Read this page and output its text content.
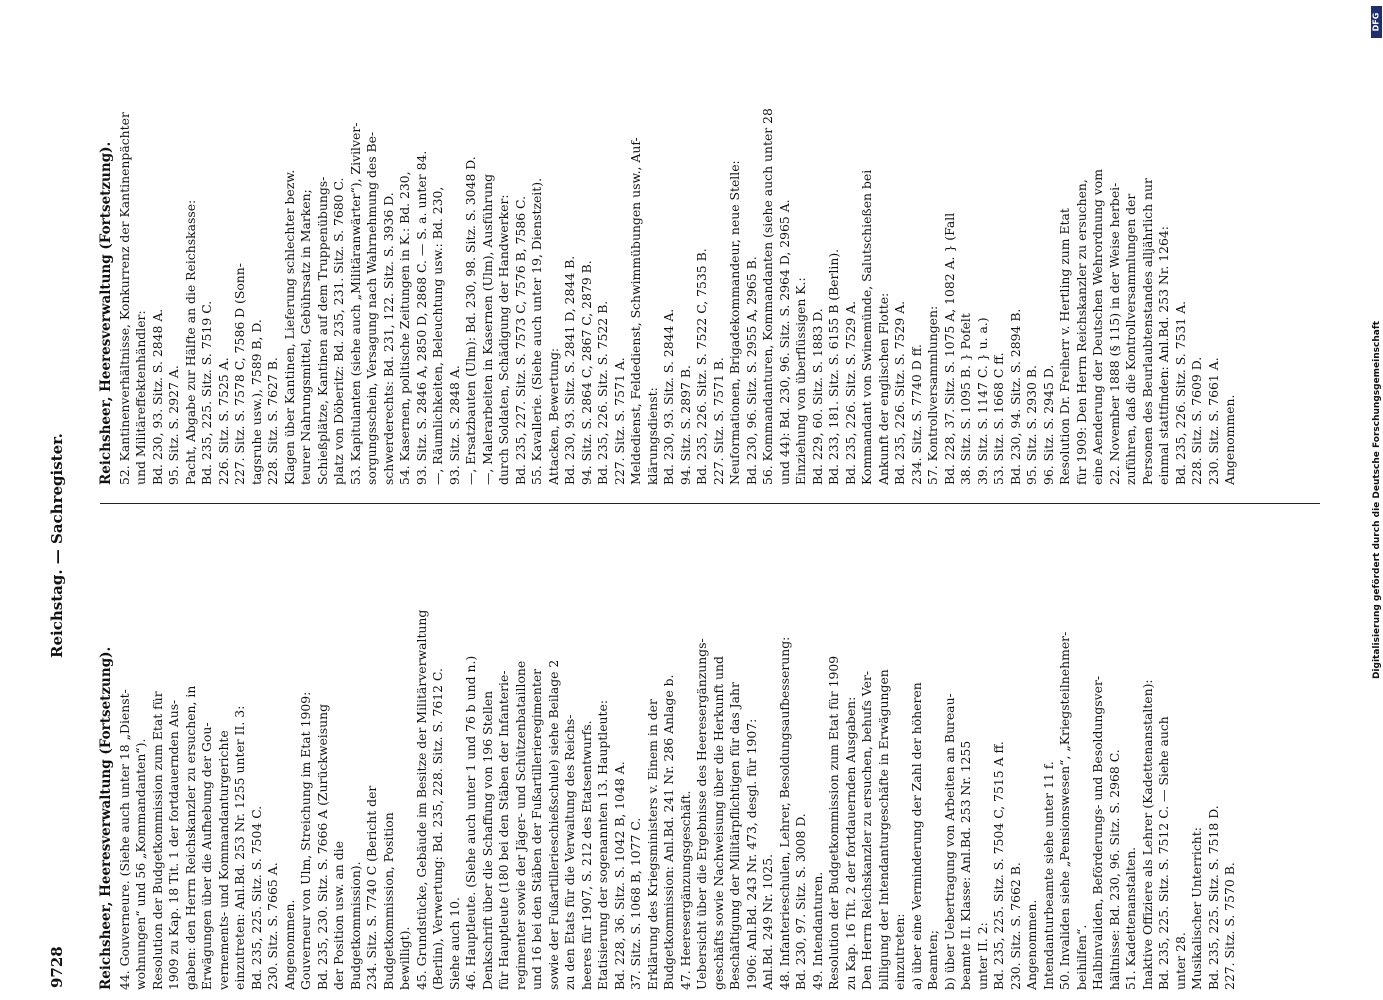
Digitalisierung gefördert durch die Deutsche Forschungsgemeinschaft
DFG
9728
Reichstag. — Sachregister.
Reichsheer, Heeresverwaltung (Fortsetzung). 44. Gouverneure. (Siehe auch unter 18 „Dienst- wohnungen“ und 56 „Kommandanten“). Resolution der Budgetkommission zum Etat für 1909 zu Kap. 18 Tit. 1 der fortdauernden Aus- gaben: den Herrn Reichskanzler zu ersuchen, in Erwägungen über die Aufhebung der Gou- vernements- und Kommandanturgerichte einzutreten: Anl.Bd. 253 Nr. 1255 unter II. 3: Bd. 235, 225. Sitz. S. 7504 C. 230. Sitz. S. 7665 A. Angenommen. Gouverneur von Ulm, Streichung im Etat 1909: Bd. 235, 230. Sitz. S. 7666 A (Zurückweisung der Position usw. an die Budgetkommission). 234. Sitz. S. 7740 C (Bericht der Budgetkommission, Position bewilligt). 45. Grundstücke, Gebäude im Besitze der Militärverwaltung (Berlin), Verwertung: Bd. 235, 228. Sitz. S. 7612 C. Siehe auch 10. 46. Hauptleute. (Siehe auch unter 1 und 76 b und n.) Denkschrift über die Schaffung von 196 Stellen für Hauptleute (180 bei den Stäben der Infanterie- regimenter sowie der Jäger- und Schützenbataillone und 16 bei den Stäben der Fußartillerieregimenter sowie der Fußartillerieschießschule) siehe Beilage 2 zu den Etats für die Verwaltung des Reichs- heeres für 1907, S. 212 des Etatsentwurfs. Etatisierung der sogenannten 13. Hauptleute: Bd. 228, 36. Sitz. S. 1042 B, 1048 A. 37. Sitz. S. 1068 B, 1077 C. Erklärung des Kriegsministers v. Einem in der Budgetkommission: Anl.Bd. 241 Nr. 286 Anlage b. 47. Heeresergänzungsgeschäft. Uebersicht über die Ergebnisse des Heeresergänzungs- geschäfts sowie Nachweisung über die Herkunft und Beschäftigung der Militärpflichtigen für das Jahr 1906: Anl.Bd. 243 Nr. 473, desgl. für 1907: Anl.Bd. 249 Nr. 1025. 48. Infanterieschulen, Lehrer, Besoldungsaufbesserung: Bd. 230, 97. Sitz. S. 3008 D. 49. Intendanturen. Resolution der Budgetkommission zum Etat für 1909 zu Kap. 16 Tit. 2 der fortdauernden Ausgaben: Den Herrn Reichskanzler zu ersuchen, behufs Ver- billigung der Intendanturgeschäfte in Erwägungen einzutreten: a) über eine Verminderung der Zahl der höheren Beamten; b) über Uebertragung von Arbeiten an Bureau- beamte II. Klasse: Anl.Bd. 253 Nr. 1255 unter II. 2: Bd. 235, 225. Sitz. S. 7504 C, 7515 A ff. 230. Sitz. S. 7662 B. Angenommen. Intendanturbeamte siehe unter 11 f. 50. Invaliden siehe „Pensionswesen“, „Kriegsteilnehmer- beihilfen“. Halbinvaliden, Beförderungs- und Besoldungsver- hältnisse: Bd. 230, 96. Sitz. S. 2968 C. 51. Kadettenanstalten. Inaktive Offiziere als Lehrer (Kadettenanstalten): Bd. 235, 225. Sitz. S. 7512 C. — Siehe auch unter 28. Musikalischer Unterricht: Bd. 235, 225. Sitz. S. 7518 D. 227. Sitz. S. 7570 B.
Reichsheer, Heeresverwaltung (Fortsetzung). 52. Kantinenverhältnisse, Konkurrenz der Kantinenpächter und Militäreffektenhändler: Bd. 230, 93. Sitz. S. 2848 A. 95. Sitz. S. 2927 A. Pacht, Abgabe zur Hälfte an die Reichskasse: Bd. 235, 225. Sitz. S. 7519 C. 226. Sitz. S. 7525 A. 227. Sitz. S. 7578 C, 7586 D (Sonn- tagsruhe usw.), 7589 B, D. 228. Sitz. S. 7627 B. Klagen über Kantinen, Lieferung schlechter bezw. teurer Nahrungsmittel, Gebührsatz in Marken; Schießplätze, Kantinen auf dem Truppenübungs- platz von Döberitz: Bd. 235, 231. Sitz. S. 7680 C. 53. Kapitulanten (siehe auch „Militäranwärter“), Zivilver- sorgungsschein, Versagung nach Wahrnehmung des Be- schwerderechts: Bd. 231, 122. Sitz. S. 3936 D. 54. Kasernen, politische Zeitungen in K.: Bd. 230, 93. Sitz. S. 2846 A, 2850 D, 2868 C. — S. a. unter 84. —, Räumlichkeiten, Beleuchtung usw.: Bd. 230, 93. Sitz. S. 2848 A. —, Ersatzbauten (Ulm): Bd. 230, 98. Sitz. S. 3048 D. —, Malerarbeiten in Kasernen (Ulm), Ausführung durch Soldaten, Schädigung der Handwerker: Bd. 235, 227. Sitz. S. 7573 C, 7576 B, 7586 C. 55. Kavallerie. (Siehe auch unter 19, Dienstzeit). Attacken, Bewertung: Bd. 230, 93. Sitz. S. 2841 D, 2844 B. 94. Sitz. S. 2864 C, 2867 C, 2879 B. Bd. 235, 226. Sitz. S. 7522 B. 227. Sitz. S. 7571 A. Meldedienst, Feldedienst, Schwimmübungen usw., Auf- klärungsdienst: Bd. 230, 93. Sitz. S. 2844 A. 94. Sitz. S. 2897 B. Bd. 235, 226. Sitz. S. 7522 C, 7535 B. 227. Sitz. S. 7571 B. Neuformationen, Brigadekommandeur, neue Stelle: Bd. 230, 96. Sitz. S. 2955 A, 2965 B. 56. Kommandanturen, Kommandanten (siehe auch unter 28 und 44): Bd. 230, 96. Sitz. S. 2964 D, 2965 A. Einziehung von überflüssigen K.: Bd. 229, 60. Sitz. S. 1883 D. Bd. 233, 181. Sitz. S. 6155 B (Berlin). Bd. 235, 226. Sitz. S. 7529 A. Kommandant von Swinemünde, Salutschießen bei Ankunft der englischen Flotte: Bd. 235, 226. Sitz. S. 7529 A. 234. Sitz. S. 7740 D ff. 57. Kontrollversammlungen: Bd. 228, 37. Sitz. S. 1075 A, 1082 A. } (Fall 38. Sitz. S. 1095 B. } Pofelt 39. Sitz. S. 1147 C. } u. a.) 53. Sitz. S. 1668 C ff. Bd. 230, 94. Sitz. S. 2894 B. 95. Sitz. S. 2930 B. 96. Sitz. S. 2945 D. Resolution Dr. Freiherr v. Hertling zum Etat für 1909: Den Herrn Reichskanzler zu ersuchen, eine Aenderung der Deutschen Wehrordnung vom 22. November 1888 (§ 115) in der Weise herbei- zuführen, daß die Kontrollversammlungen der Personen des Beurlaubtenstandes alljährlich nur einmal stattfinden: Anl.Bd. 253 Nr. 1264: Bd. 235, 226. Sitz. S. 7531 A. 228. Sitz. S. 7609 D. 230. Sitz. S. 7661 A. Angenommen.
